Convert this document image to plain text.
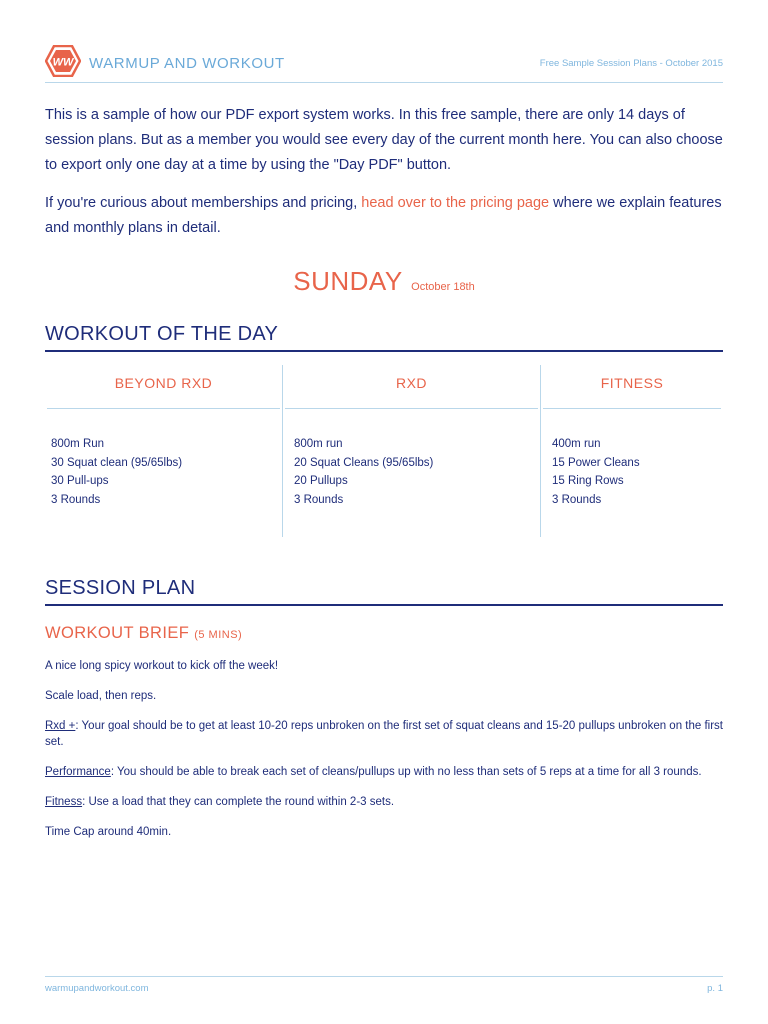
WW WARMUP AND WORKOUT	Free Sample Session Plans - October 2015

This is a sample of how our PDF export system works. In this free sample, there are only 14 days of session plans. But as a member you would see every day of the current month here. You can also choose to export only one day at a time by using the "Day PDF" button.

If you're curious about memberships and pricing, head over to the pricing page where we explain features and monthly plans in detail.

SUNDAY October 18th
WORKOUT OF THE DAY
BEYOND RXD
800m Run
30 Squat clean (95/65lbs)
30 Pull-ups
3 Rounds
RXD
800m run
20 Squat Cleans (95/65lbs)
20 Pullups
3 Rounds
FITNESS
400m run
15 Power Cleans
15 Ring Rows
3 Rounds
SESSION PLAN
WORKOUT BRIEF (5 MINS)

A nice long spicy workout to kick off the week!

Scale load, then reps.

Rxd +: Your goal should be to get at least 10-20 reps unbroken on the first set of squat cleans and 15-20 pullups unbroken on the first set.

Performance: You should be able to break each set of cleans/pullups up with no less than sets of 5 reps at a time for all 3 rounds.

Fitness: Use a load that they can complete the round within 2-3 sets.

Time Cap around 40min.

warmupandworkout.com	p. 1
